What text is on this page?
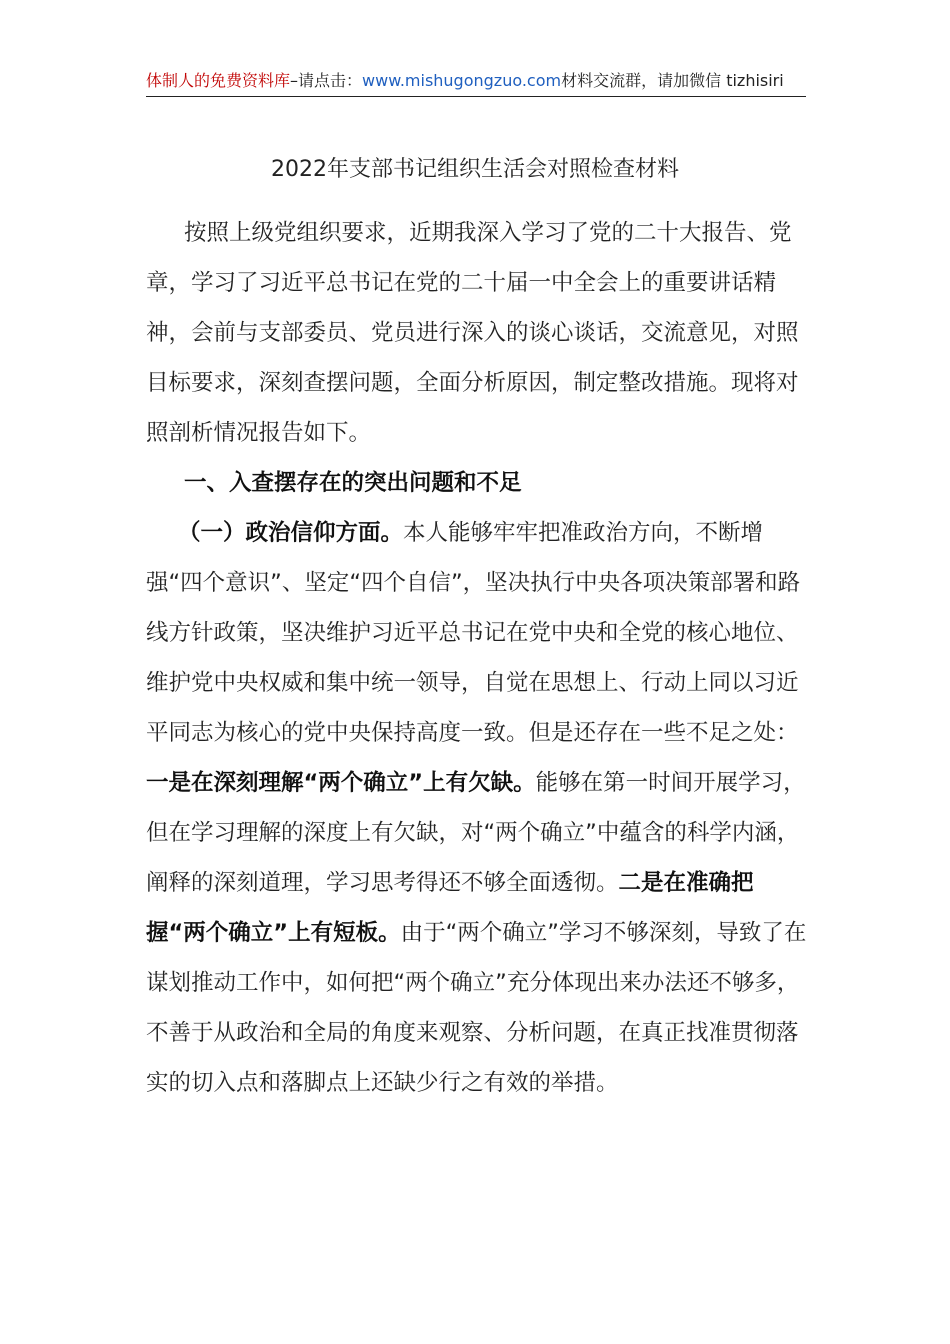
体制人的免费资料库–请点击：www.mishugongzuo.com材料交流群，请加微信 tizhisiri
2022年支部书记组织生活会对照检查材料

按照上级党组织要求，近期我深入学习了党的二十大报告、党章，学习了习近平总书记在党的二十届一中全会上的重要讲话精神，会前与支部委员、党员进行深入的谈心谈话，交流意见，对照目标要求，深刻查摆问题，全面分析原因，制定整改措施。现将对照剖析情况报告如下。

一、入查摆存在的突出问题和不足

（一）政治信仰方面。本人能够牢牢把准政治方向，不断增强“四个意识”、坚定“四个自信”，坚决执行中央各项决策部署和路线方针政策，坚决维护习近平总书记在党中央和全党的核心地位、维护党中央权威和集中统一领导，自觉在思想上、行动上同以习近平同志为核心的党中央保持高度一致。但是还存在一些不足之处：一是在深刻理解“两个确立”上有欠缺。能够在第一时间开展学习，但在学习理解的深度上有欠缺，对“两个确立”中蕴含的科学内涵，阐释的深刻道理，学习思考得还不够全面透彻。二是在准确把握“两个确立”上有短板。由于“两个确立”学习不够深刻，导致了在谋划推动工作中，如何把“两个确立”充分体现出来办法还不够多，不善于从政治和全局的角度来观察、分析问题，在真正找准贯彻落实的切入点和落脚点上还缺少行之有效的举措。
